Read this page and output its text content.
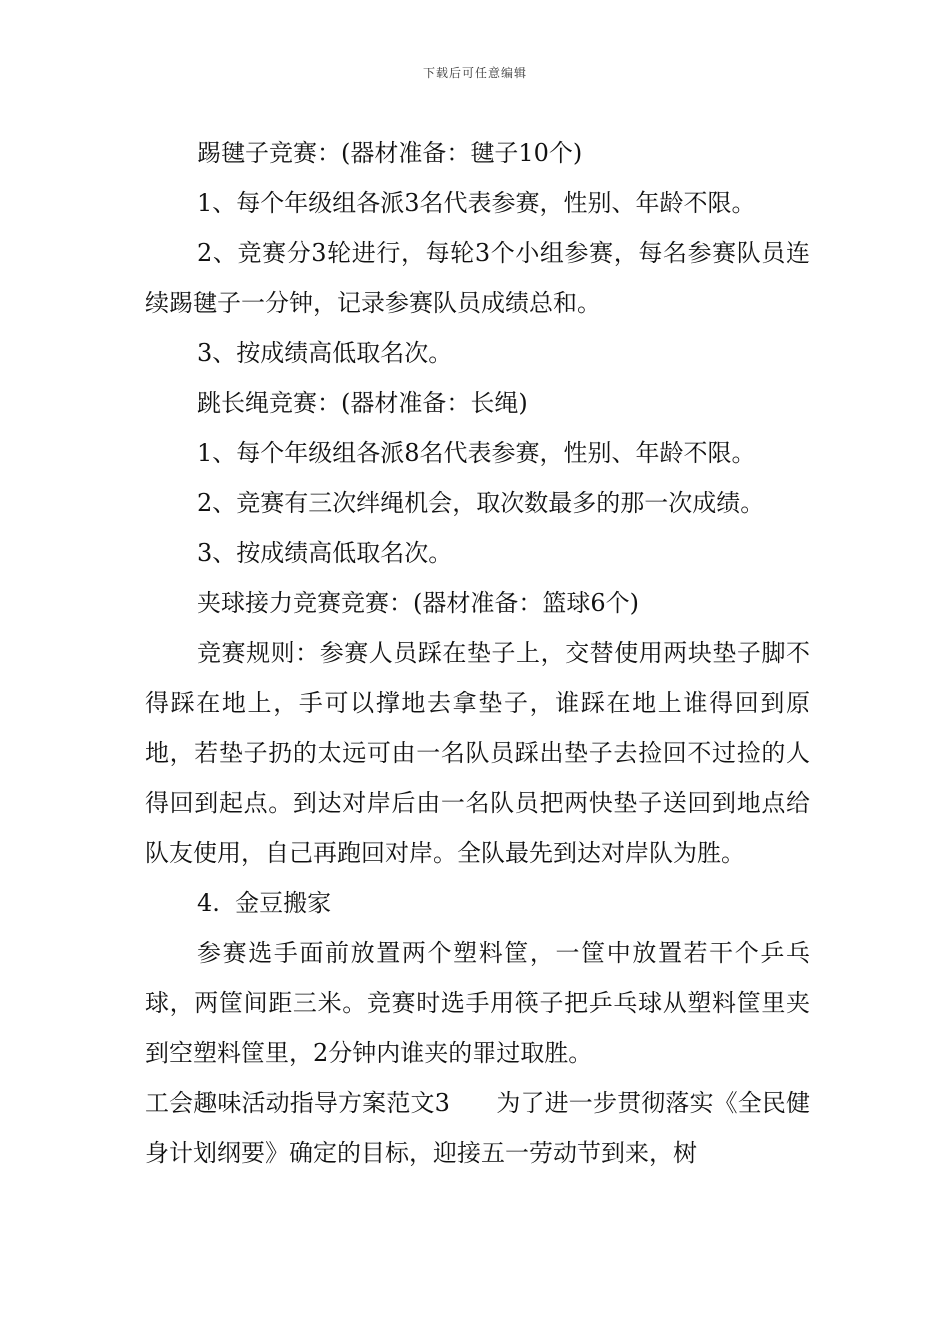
下载后可任意编辑

踢毽子竞赛：(器材准备：毽子10个)

1、每个年级组各派3名代表参赛，性别、年龄不限。

2、竞赛分3轮进行，每轮3个小组参赛，每名参赛队员连续踢毽子一分钟，记录参赛队员成绩总和。

3、按成绩高低取名次。

跳长绳竞赛：(器材准备：长绳)

1、每个年级组各派8名代表参赛，性别、年龄不限。

2、竞赛有三次绊绳机会，取次数最多的那一次成绩。

3、按成绩高低取名次。

夹球接力竞赛竞赛：(器材准备：篮球6个)

竞赛规则：参赛人员踩在垫子上，交替使用两块垫子脚不得踩在地上，手可以撑地去拿垫子，谁踩在地上谁得回到原地，若垫子扔的太远可由一名队员踩出垫子去捡回不过捡的人得回到起点。到达对岸后由一名队员把两快垫子送回到地点给队友使用，自己再跑回对岸。全队最先到达对岸队为胜。

4.  金豆搬家

参赛选手面前放置两个塑料筐，一筐中放置若干个乒乓球，两筐间距三米。竞赛时选手用筷子把乒乓球从塑料筐里夹到空塑料筐里，2分钟内谁夹的罪过取胜。

工会趣味活动指导方案范文3      为了进一步贯彻落实《全民健身计划纲要》确定的目标，迎接五一劳动节到来，树
